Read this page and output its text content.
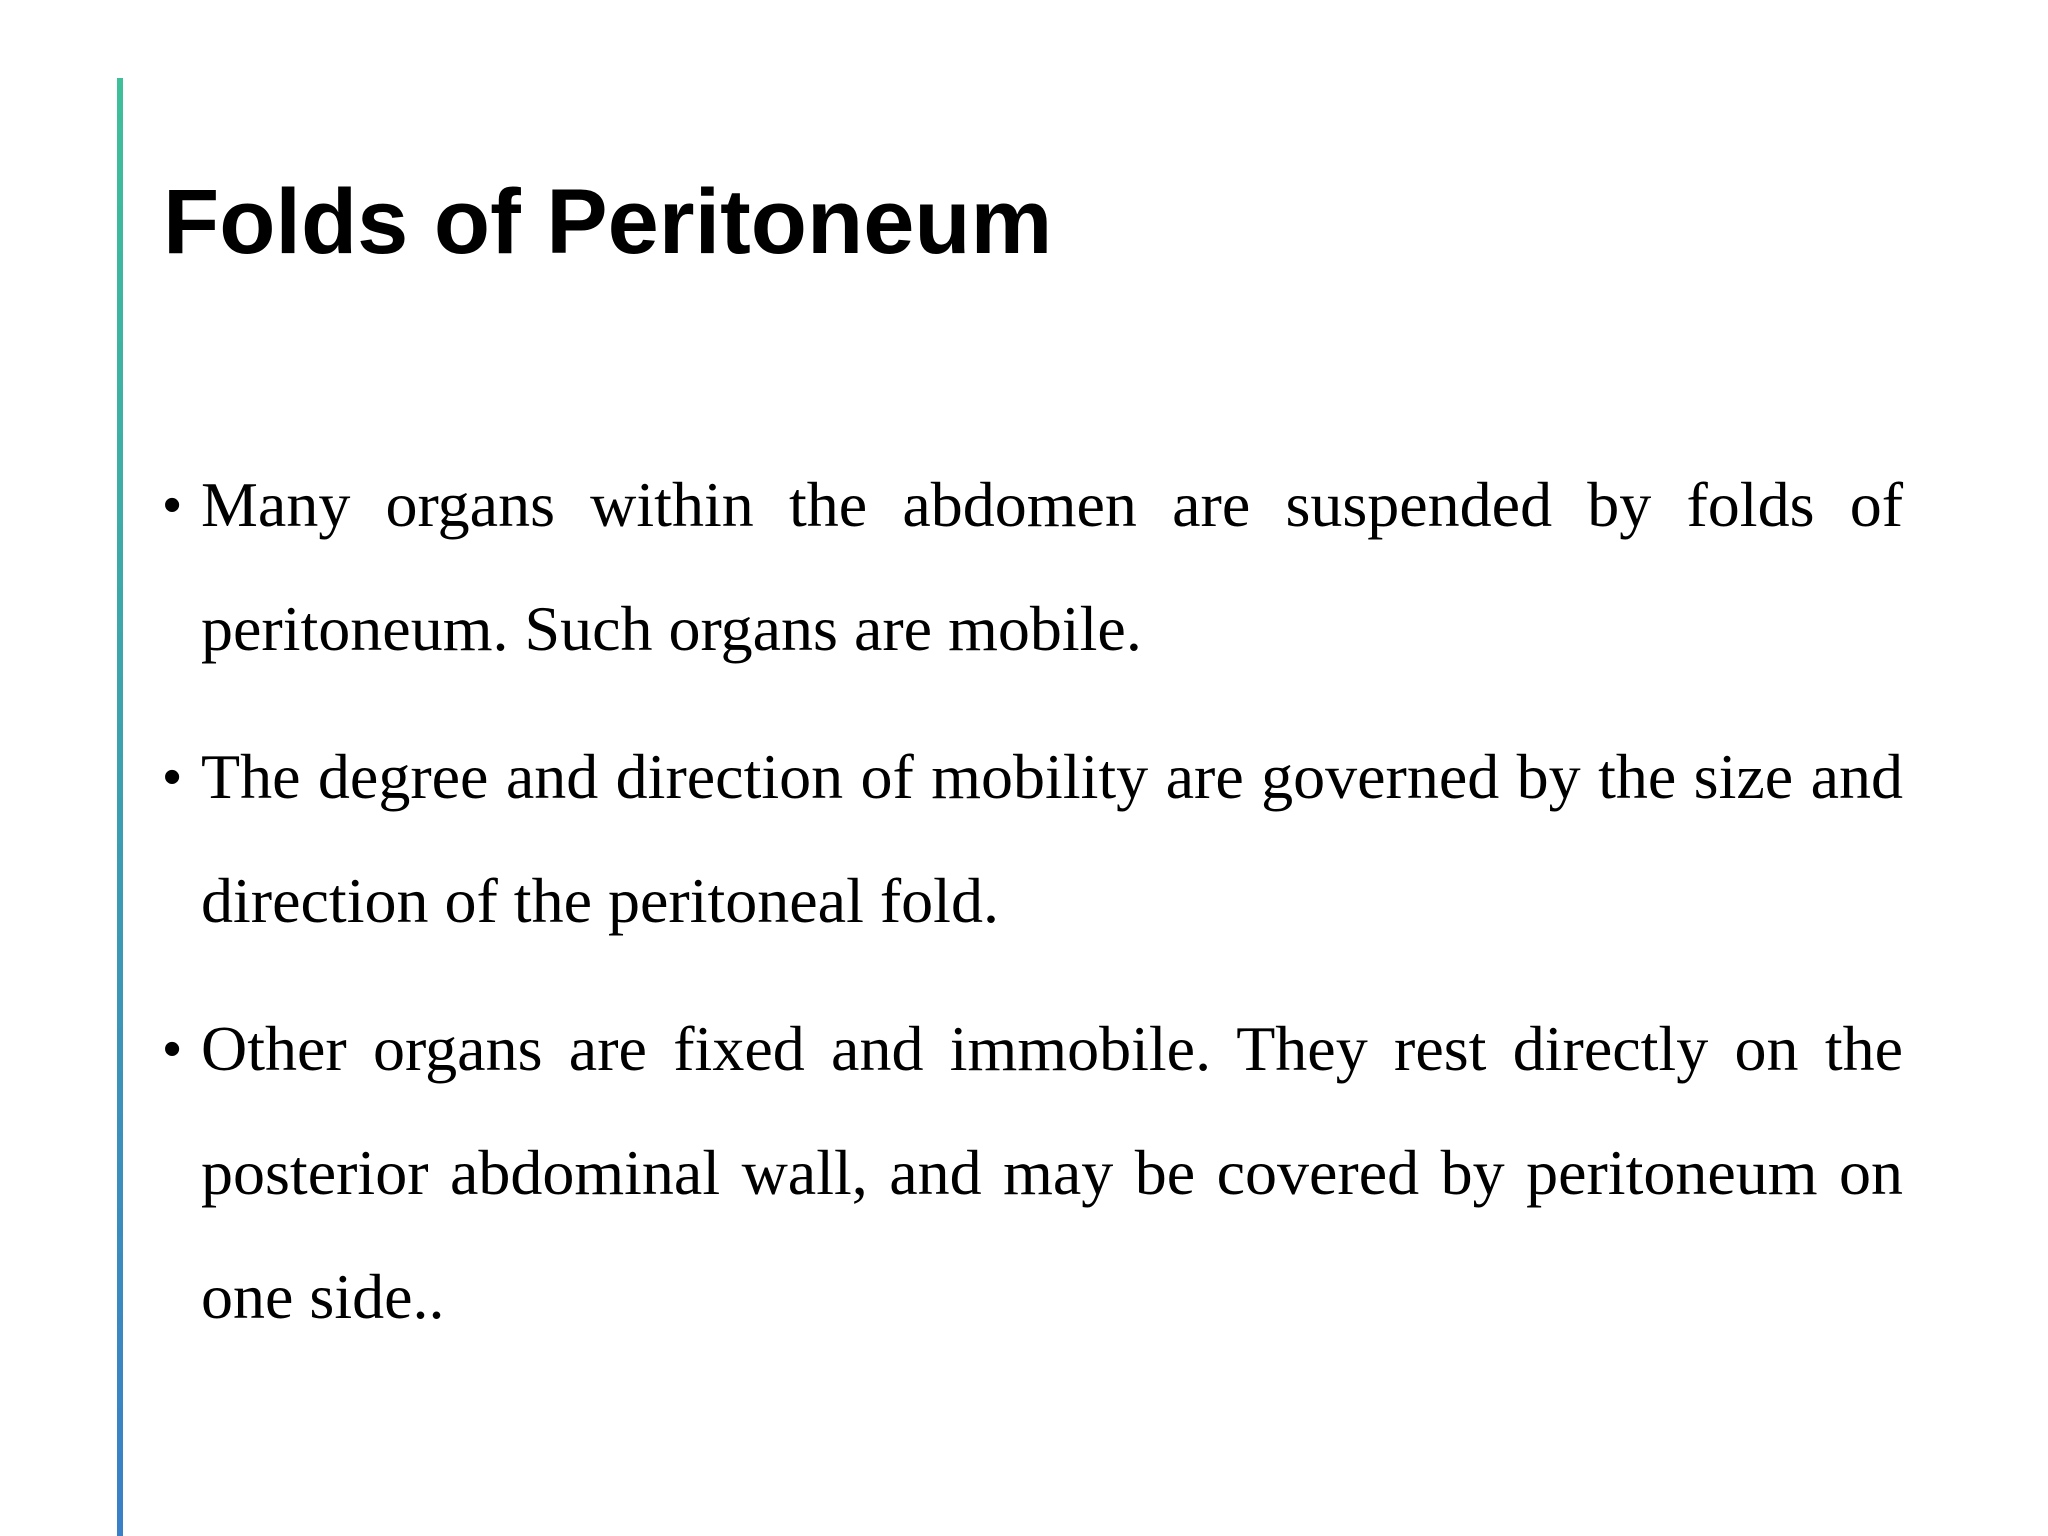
Folds of Peritoneum
• Many organs within the abdomen are suspended by folds of peritoneum. Such organs are mobile.
• The degree and direction of mobility are governed by the size and direction of the peritoneal fold.
• Other organs are fixed and immobile. They rest directly on the posterior abdominal wall, and may be covered by peritoneum on one side..
